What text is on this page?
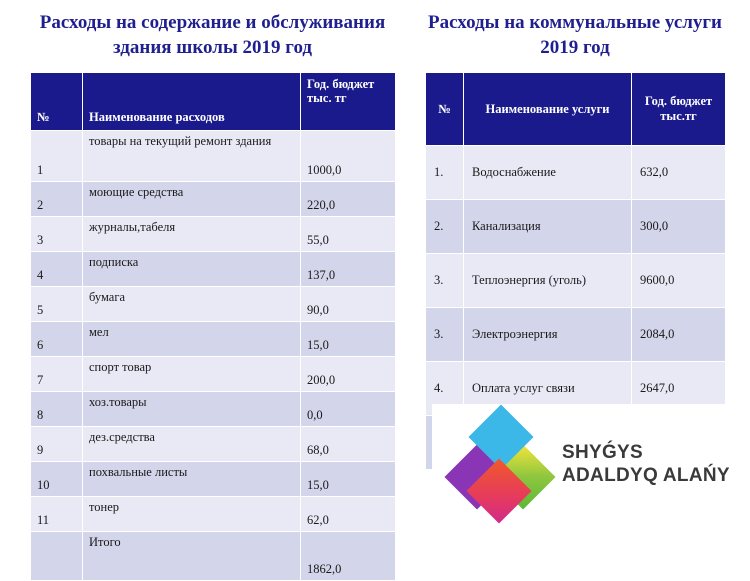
Расходы на содержание и обслуживания здания школы 2019 год
№	Наименование расходов	Год. бюджет тыс. тг
1	товары на текущий ремонт здания	1000,0
2	моющие средства	220,0
3	журналы,табеля	55,0
4	подписка	137,0
5	бумага	90,0
6	мел	15,0
7	спорт товар	200,0
8	хоз.товары	0,0
9	дез.средства	68,0
10	похвальные листы	15,0
11	тонер	62,0
	Итого	1862,0
Расходы на коммунальные услуги 2019 год
№	Наименование услуги	Год. бюджет тыс.тг
1.	Водоснабжение	632,0
2.	Канализация	300,0
3.	Теплоэнергия (уголь)	9600,0
3.	Электроэнергия	2084,0
4.	Оплата услуг связи	2647,0

SHYǴYS
ADALDYQ ALAŃY
